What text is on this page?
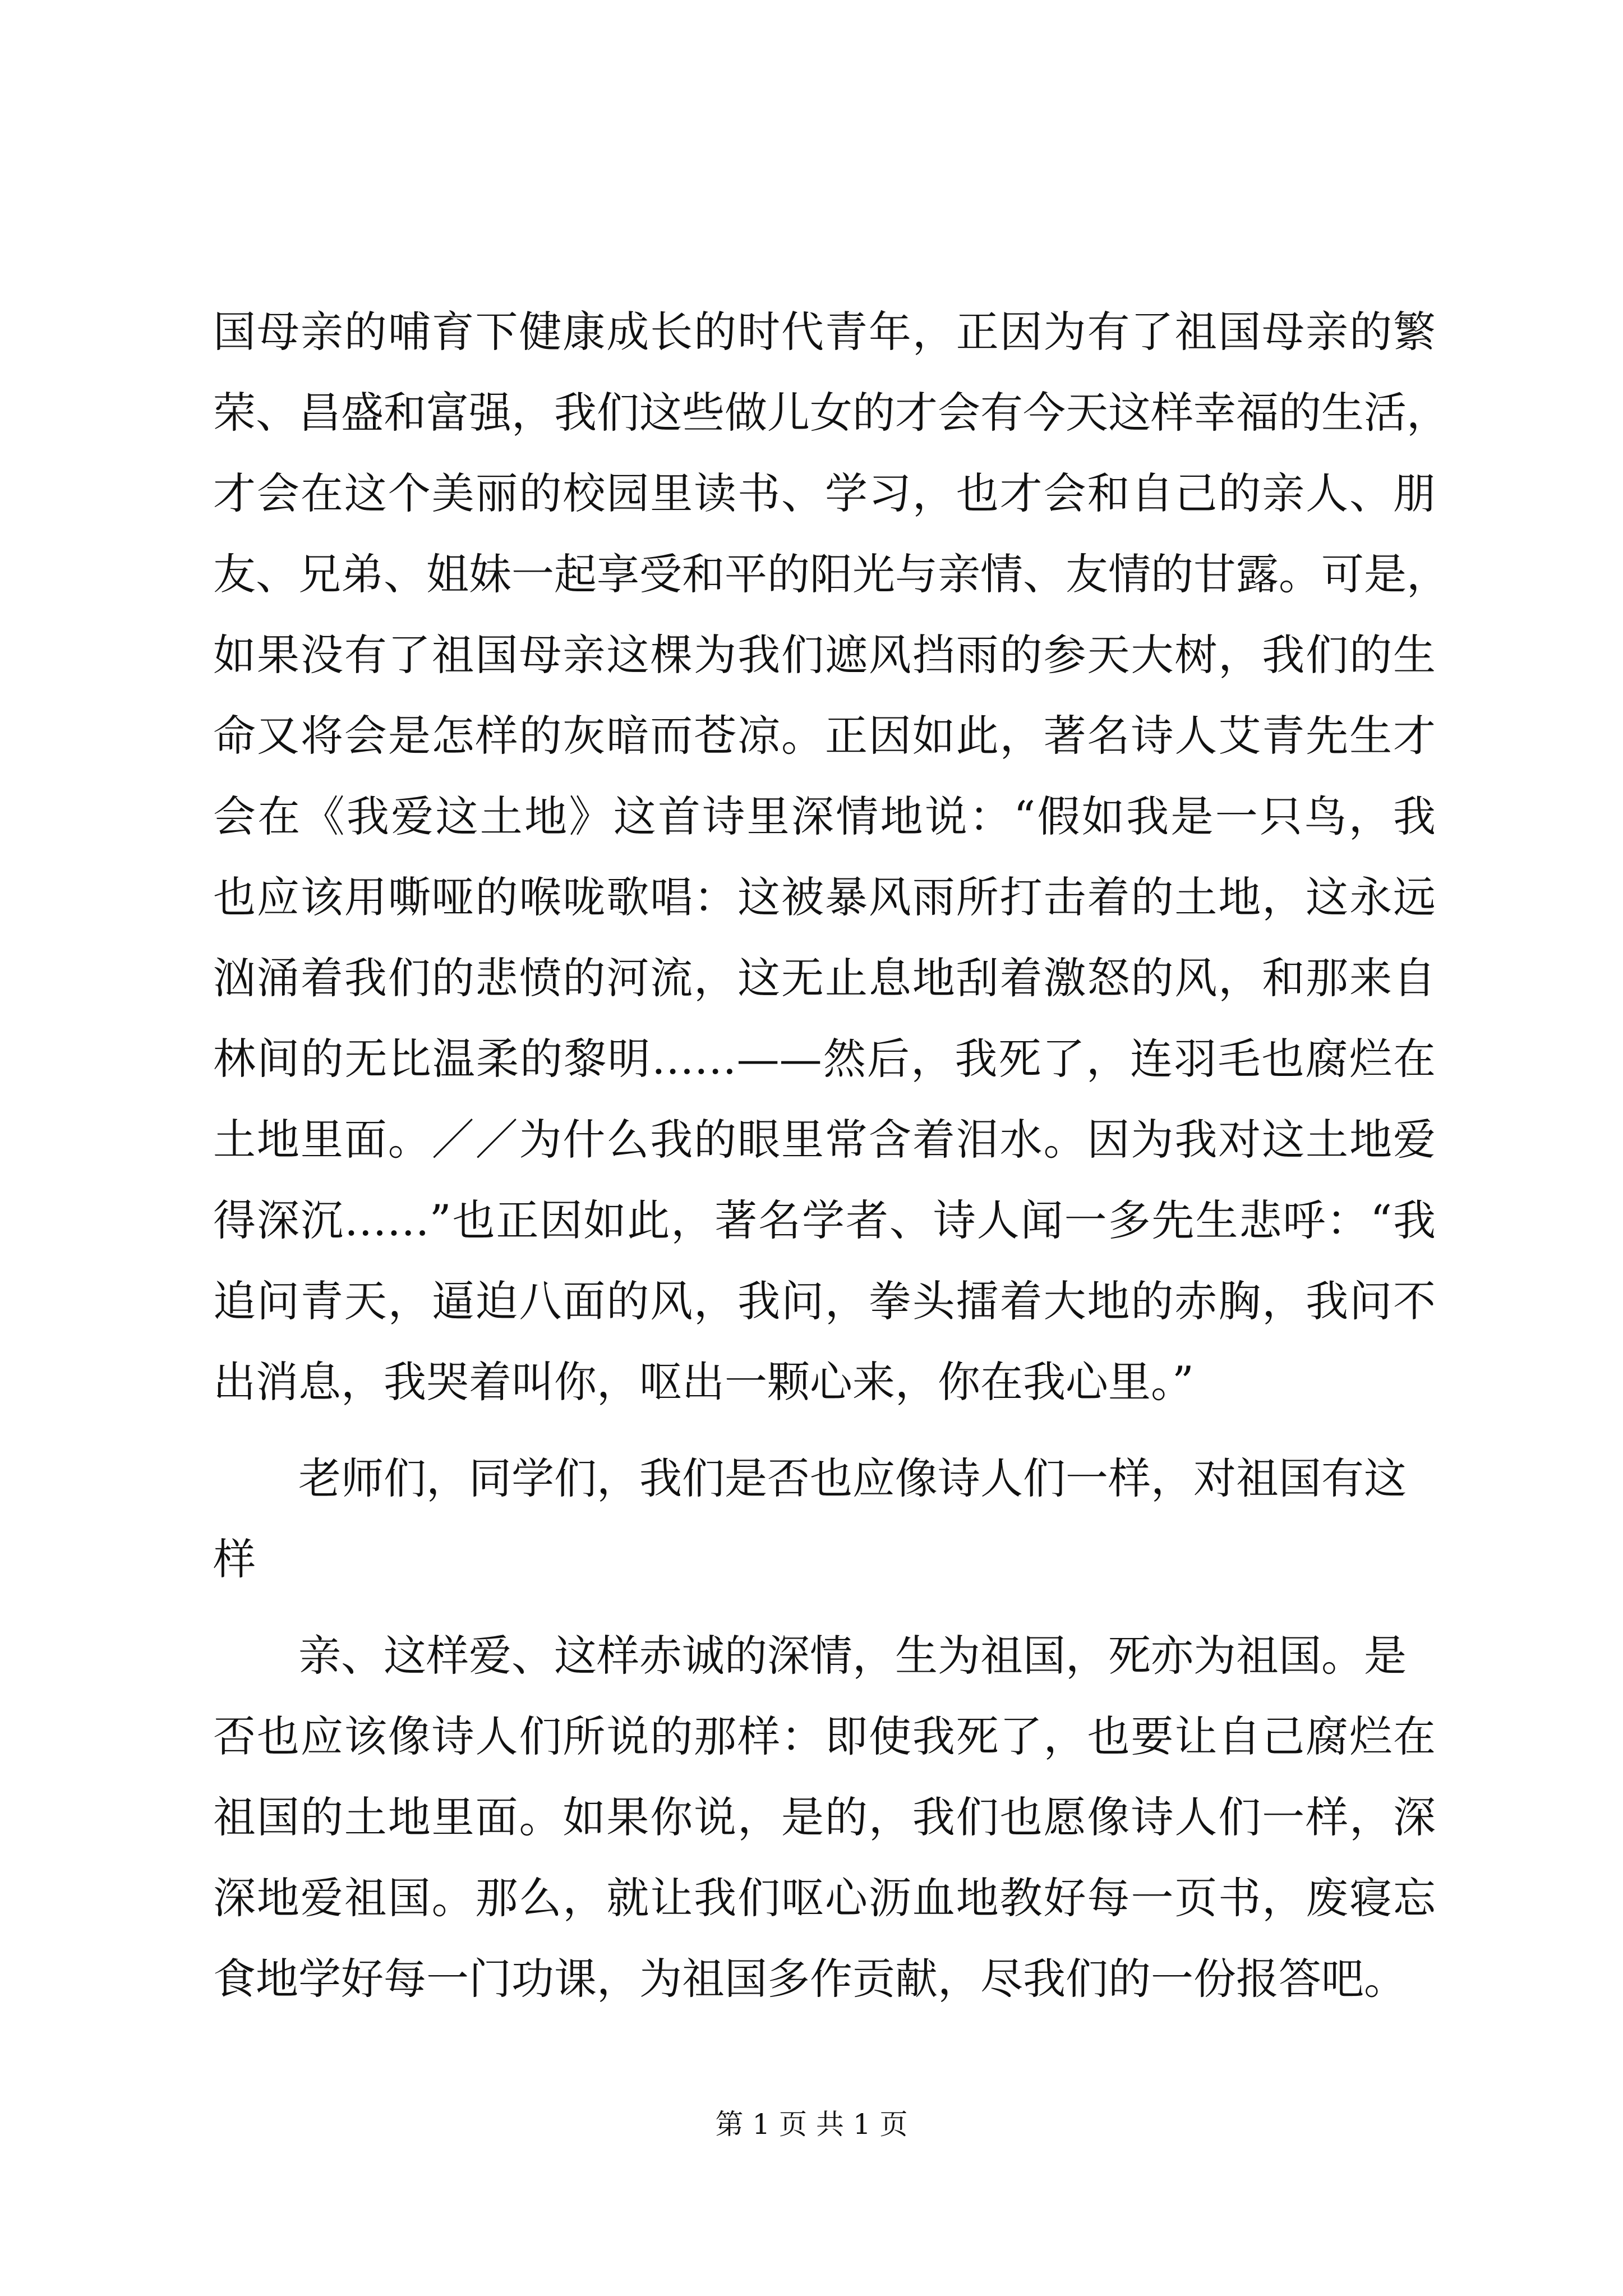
国母亲的哺育下健康成长的时代青年，正因为有了祖国母亲的繁
荣、昌盛和富强，我们这些做儿女的才会有今天这样幸福的生活，
才会在这个美丽的校园里读书、学习，也才会和自己的亲人、朋
友、兄弟、姐妹一起享受和平的阳光与亲情、友情的甘露。可是，
如果没有了祖国母亲这棵为我们遮风挡雨的参天大树，我们的生
命又将会是怎样的灰暗而苍凉。正因如此，著名诗人艾青先生才
会在《我爱这土地》这首诗里深情地说：“假如我是一只鸟，我
也应该用嘶哑的喉咙歌唱：这被暴风雨所打击着的土地，这永远
汹涌着我们的悲愤的河流，这无止息地刮着激怒的风，和那来自
林间的无比温柔的黎明……——然后，我死了，连羽毛也腐烂在
土地里面。／／为什么我的眼里常含着泪水。因为我对这土地爱
得深沉……”也正因如此，著名学者、诗人闻一多先生悲呼：“我
追问青天，逼迫八面的风，我问，拳头擂着大地的赤胸，我问不
出消息，我哭着叫你，呕出一颗心来，你在我心里。”
老师们，同学们，我们是否也应像诗人们一样，对祖国有这
样
亲、这样爱、这样赤诚的深情，生为祖国，死亦为祖国。是
否也应该像诗人们所说的那样：即使我死了，也要让自己腐烂在
祖国的土地里面。如果你说，是的，我们也愿像诗人们一样，深
深地爱祖国。那么，就让我们呕心沥血地教好每一页书，废寝忘
食地学好每一门功课，为祖国多作贡献，尽我们的一份报答吧。
第 1 页 共 1 页
